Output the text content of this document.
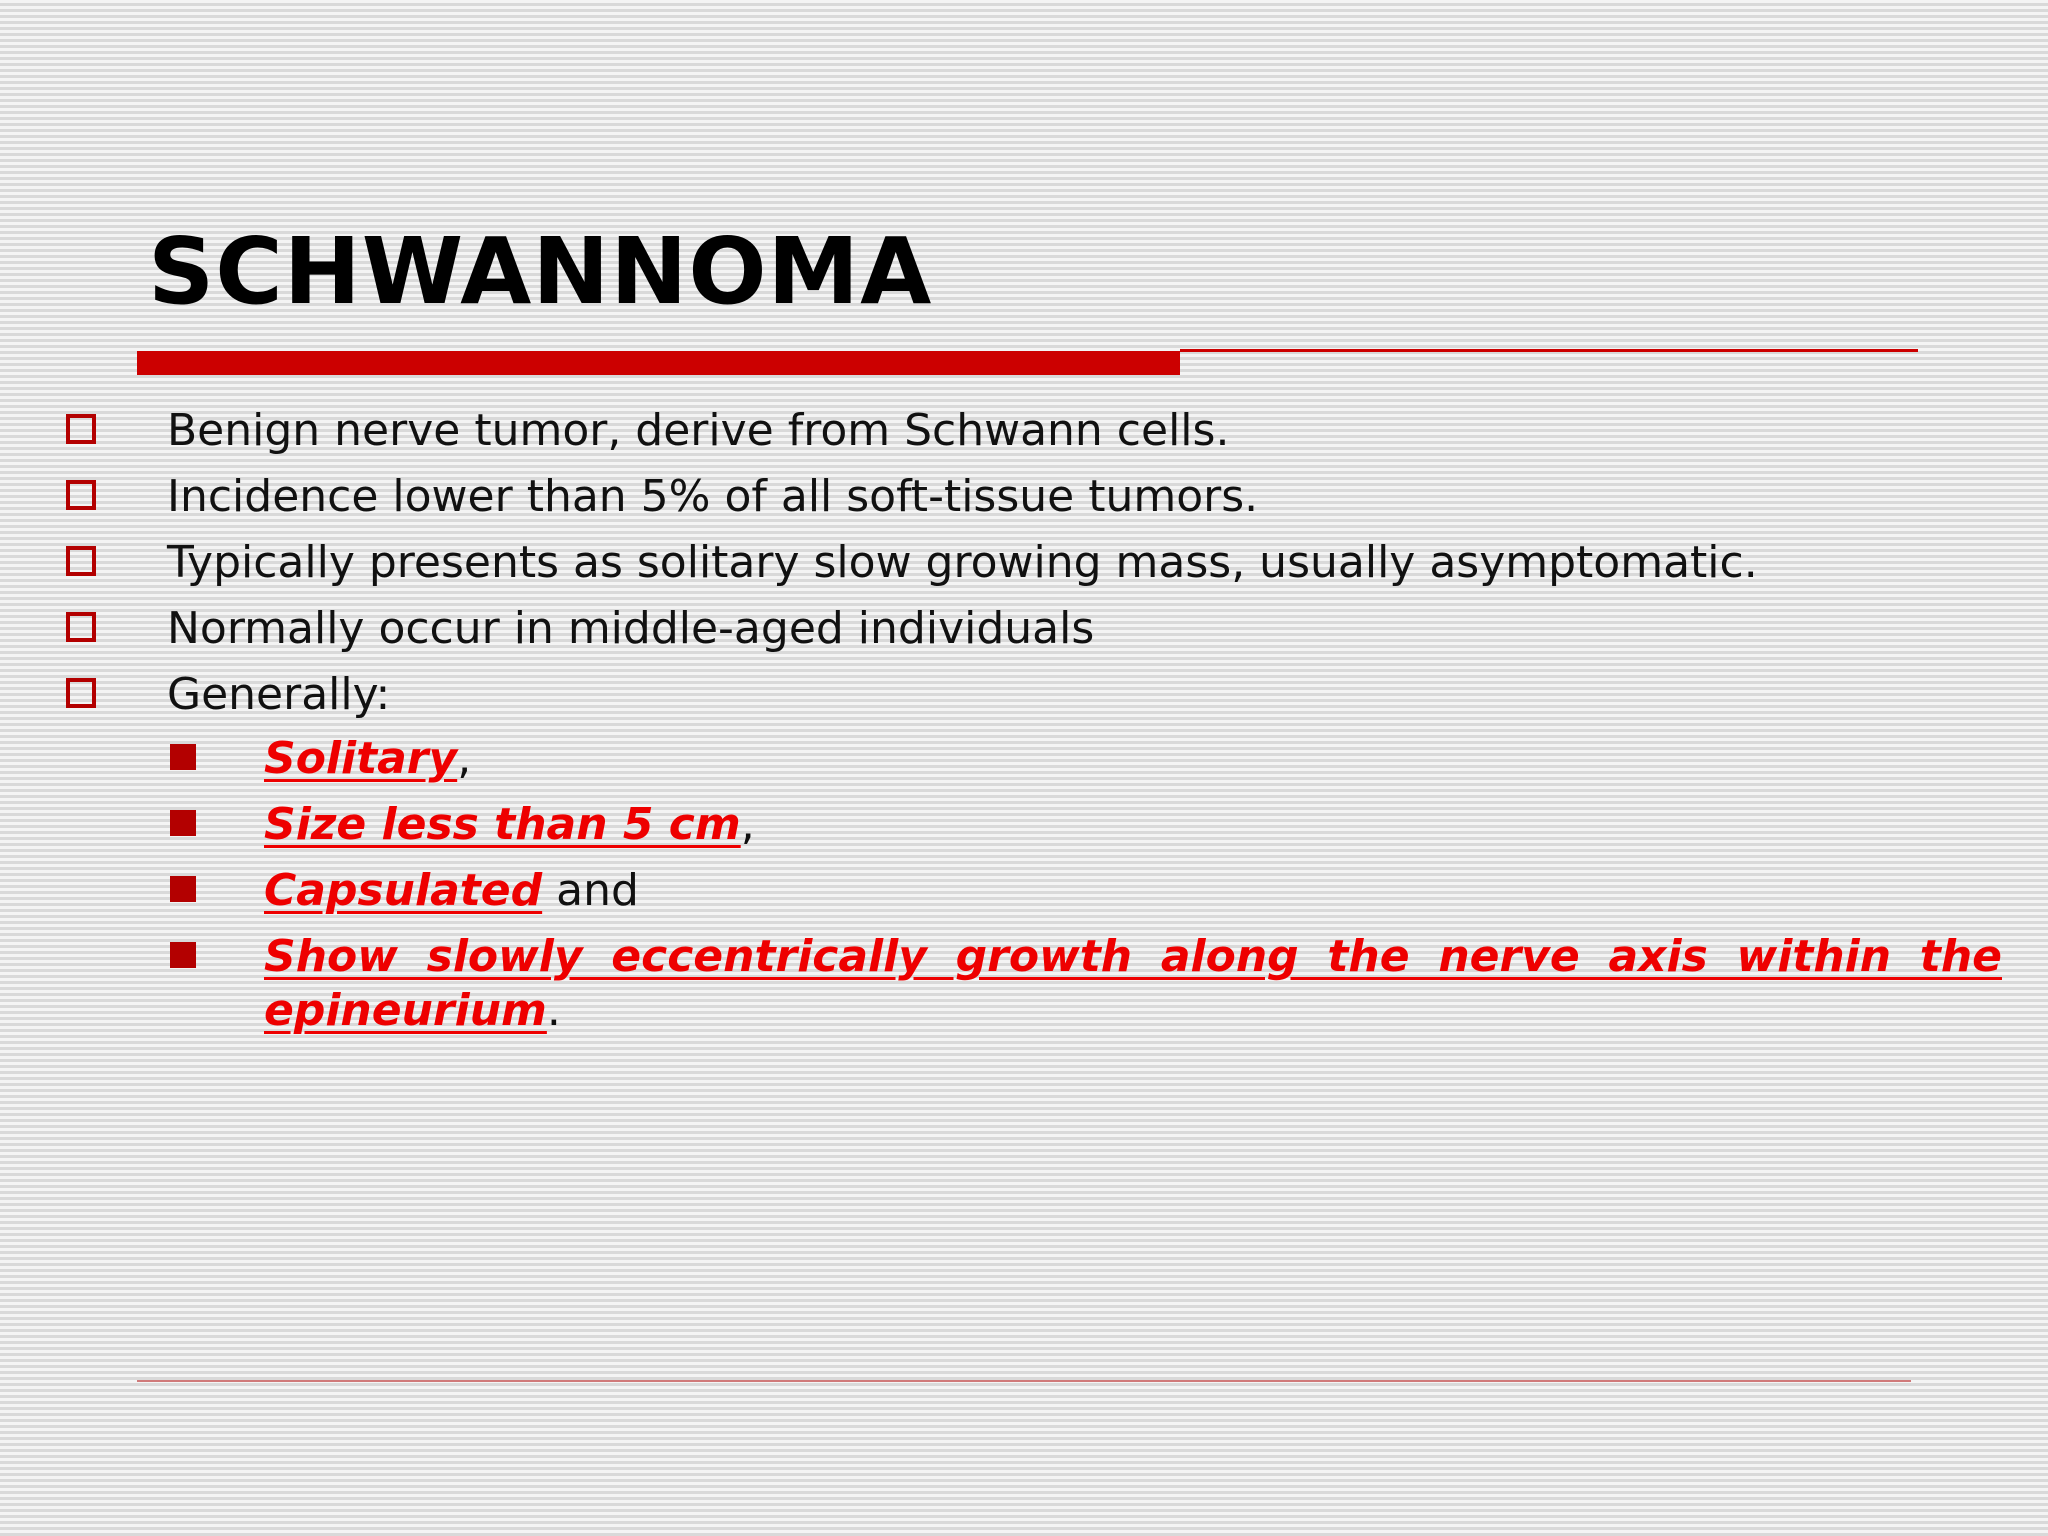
SCHWANNOMA
Benign nerve tumor, derive from Schwann cells.
Incidence lower than 5% of all soft-tissue tumors.
Typically presents as solitary slow growing mass, usually asymptomatic.
Normally occur in middle-aged individuals
Generally:
Solitary,
Size less than 5 cm,
Capsulated and
Show slowly eccentrically growth along the nerve axis within the
epineurium.
